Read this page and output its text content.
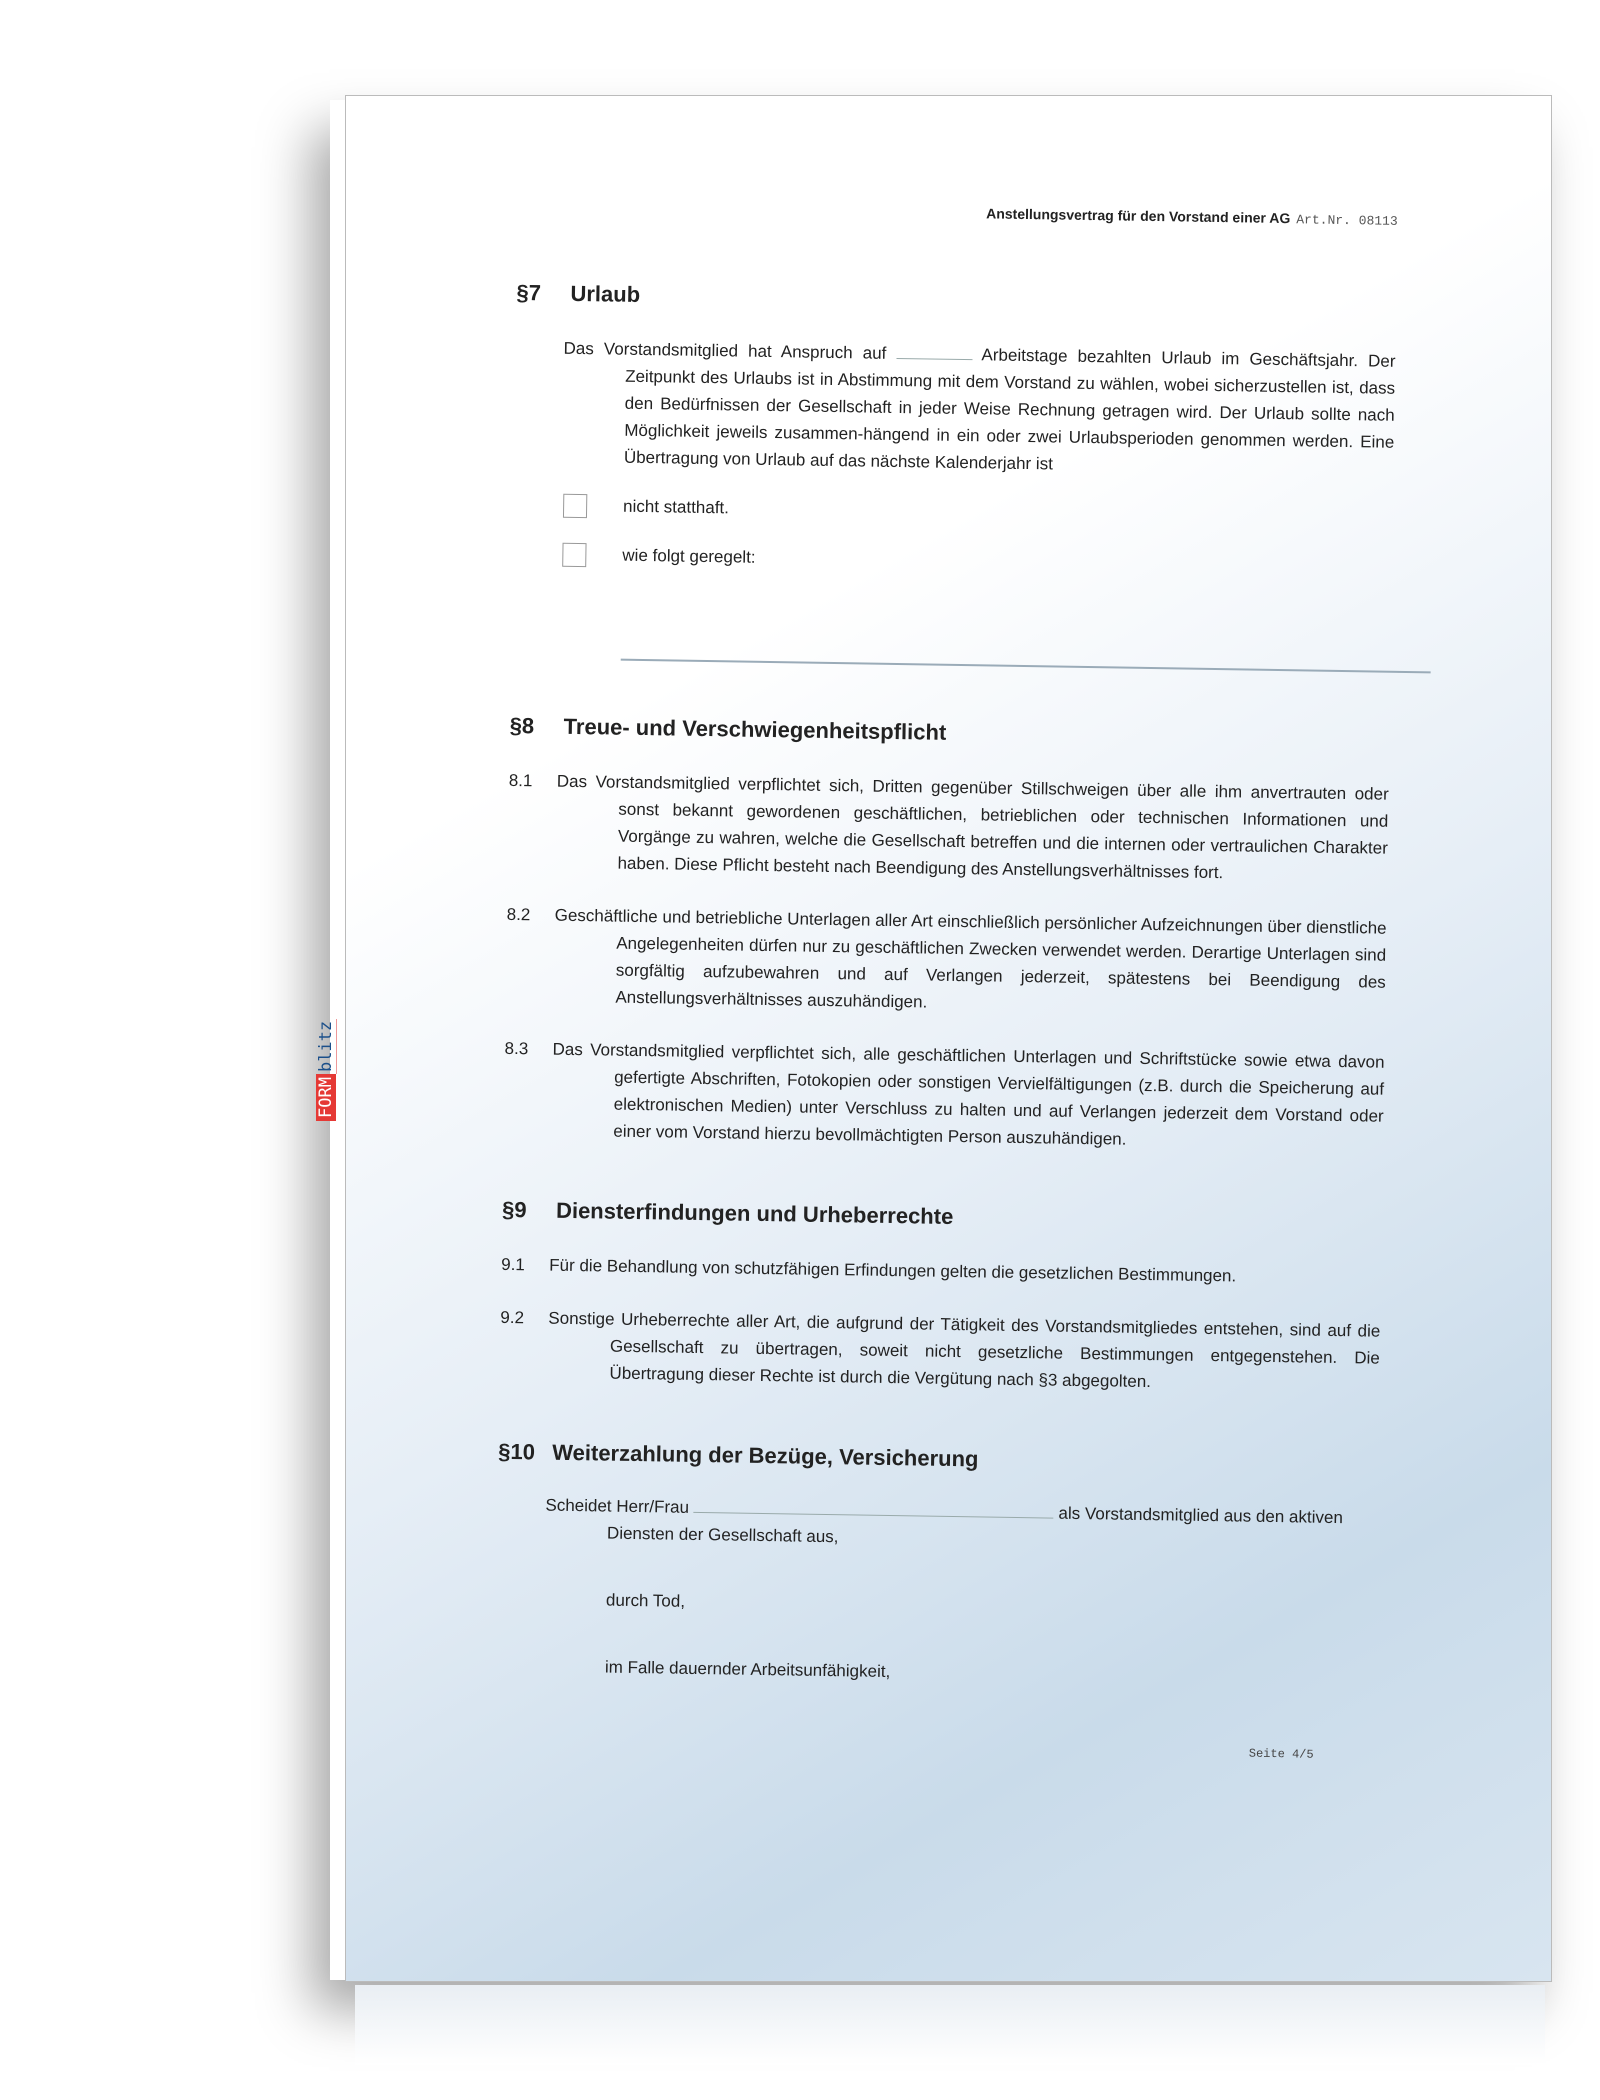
FORMblitz
Anstellungsvertrag für den Vorstand einer AG Art.Nr. 08113
§7 Urlaub
Das Vorstandsmitglied hat Anspruch auf	Arbeitstage bezahlten Urlaub im Geschäftsjahr. Der Zeitpunkt des Urlaubs ist in Abstimmung mit dem Vorstand zu wählen, wobei sicherzustellen ist, dass den Bedürfnissen der Gesellschaft in jeder Weise Rechnung getragen wird. Der Urlaub sollte nach Möglichkeit jeweils zusammen-hängend in ein oder zwei Urlaubsperioden genommen werden. Eine Übertragung von Urlaub auf das nächste Kalenderjahr ist
nicht statthaft.
wie folgt geregelt:
§8 Treue- und Verschwiegenheitspflicht
8.1	Das Vorstandsmitglied verpflichtet sich, Dritten gegenüber Stillschweigen über alle ihm anvertrauten oder sonst bekannt gewordenen geschäftlichen, betrieblichen oder technischen Informationen und Vorgänge zu wahren, welche die Gesellschaft betreffen und die internen oder vertraulichen Charakter haben. Diese Pflicht besteht nach Beendigung des Anstellungsverhältnisses fort.
8.2	Geschäftliche und betriebliche Unterlagen aller Art einschließlich persönlicher Aufzeichnungen über dienstliche Angelegenheiten dürfen nur zu geschäftlichen Zwecken verwendet werden. Derartige Unterlagen sind sorgfältig aufzubewahren und auf Verlangen jederzeit, spätestens bei Beendigung des Anstellungsverhältnisses auszuhändigen.
8.3	Das Vorstandsmitglied verpflichtet sich, alle geschäftlichen Unterlagen und Schriftstücke sowie etwa davon gefertigte Abschriften, Fotokopien oder sonstigen Vervielfältigungen (z.B. durch die Speicherung auf elektronischen Medien) unter Verschluss zu halten und auf Verlangen jederzeit dem Vorstand oder einer vom Vorstand hierzu bevollmächtigten Person auszuhändigen.
§9 Diensterfindungen und Urheberrechte
9.1	Für die Behandlung von schutzfähigen Erfindungen gelten die gesetzlichen Bestimmungen.
9.2	Sonstige Urheberrechte aller Art, die aufgrund der Tätigkeit des Vorstandsmitgliedes entstehen, sind auf die Gesellschaft zu übertragen, soweit nicht gesetzliche Bestimmungen entgegenstehen. Die Übertragung dieser Rechte ist durch die Vergütung nach §3 abgegolten.
§10 Weiterzahlung der Bezüge, Versicherung
Scheidet Herr/Frau	als Vorstandsmitglied aus den aktiven
Diensten der Gesellschaft aus,
durch Tod,
im Falle dauernder Arbeitsunfähigkeit,
Seite 4/5
